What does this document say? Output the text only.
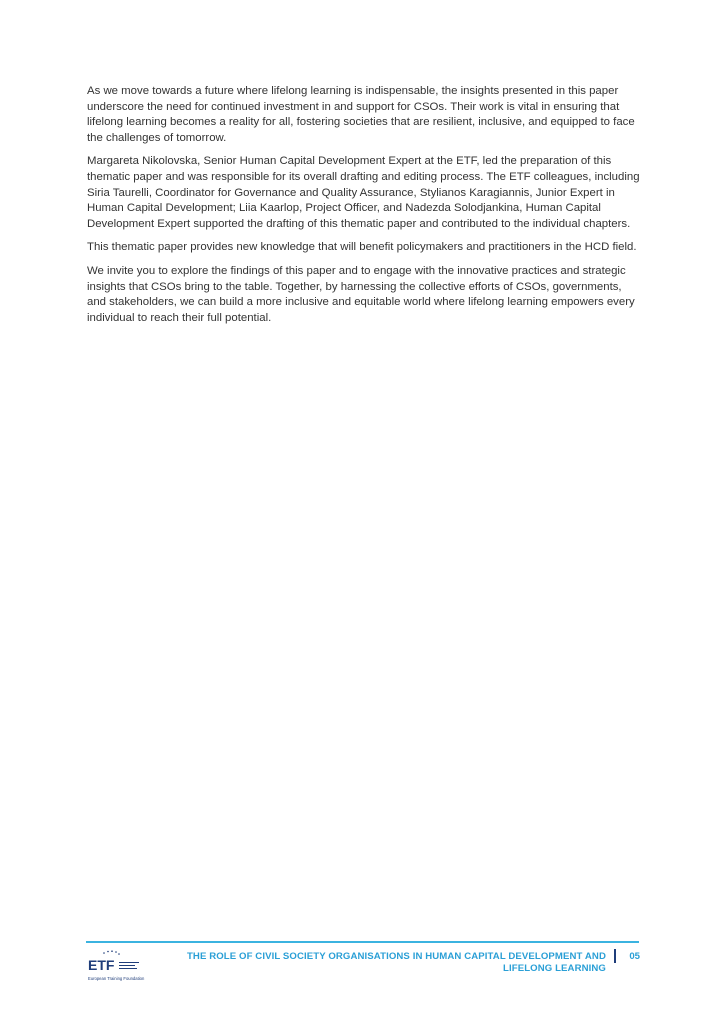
As we move towards a future where lifelong learning is indispensable, the insights presented in this paper underscore the need for continued investment in and support for CSOs. Their work is vital in ensuring that lifelong learning becomes a reality for all, fostering societies that are resilient, inclusive, and equipped to face the challenges of tomorrow.

Margareta Nikolovska, Senior Human Capital Development Expert at the ETF, led the preparation of this thematic paper and was responsible for its overall drafting and editing process. The ETF colleagues, including Siria Taurelli, Coordinator for Governance and Quality Assurance, Stylianos Karagiannis, Junior Expert in Human Capital Development; Liia Kaarlop, Project Officer, and Nadezda Solodjankina, Human Capital Development Expert supported the drafting of this thematic paper and contributed to the individual chapters.

This thematic paper provides new knowledge that will benefit policymakers and practitioners in the HCD field.

We invite you to explore the findings of this paper and to engage with the innovative practices and strategic insights that CSOs bring to the table. Together, by harnessing the collective efforts of CSOs, governments, and stakeholders, we can build a more inclusive and equitable world where lifelong learning empowers every individual to reach their full potential.

ETF
European Training Foundation
THE ROLE OF CIVIL SOCIETY ORGANISATIONS IN HUMAN CAPITAL DEVELOPMENT AND LIFELONG LEARNING
05
